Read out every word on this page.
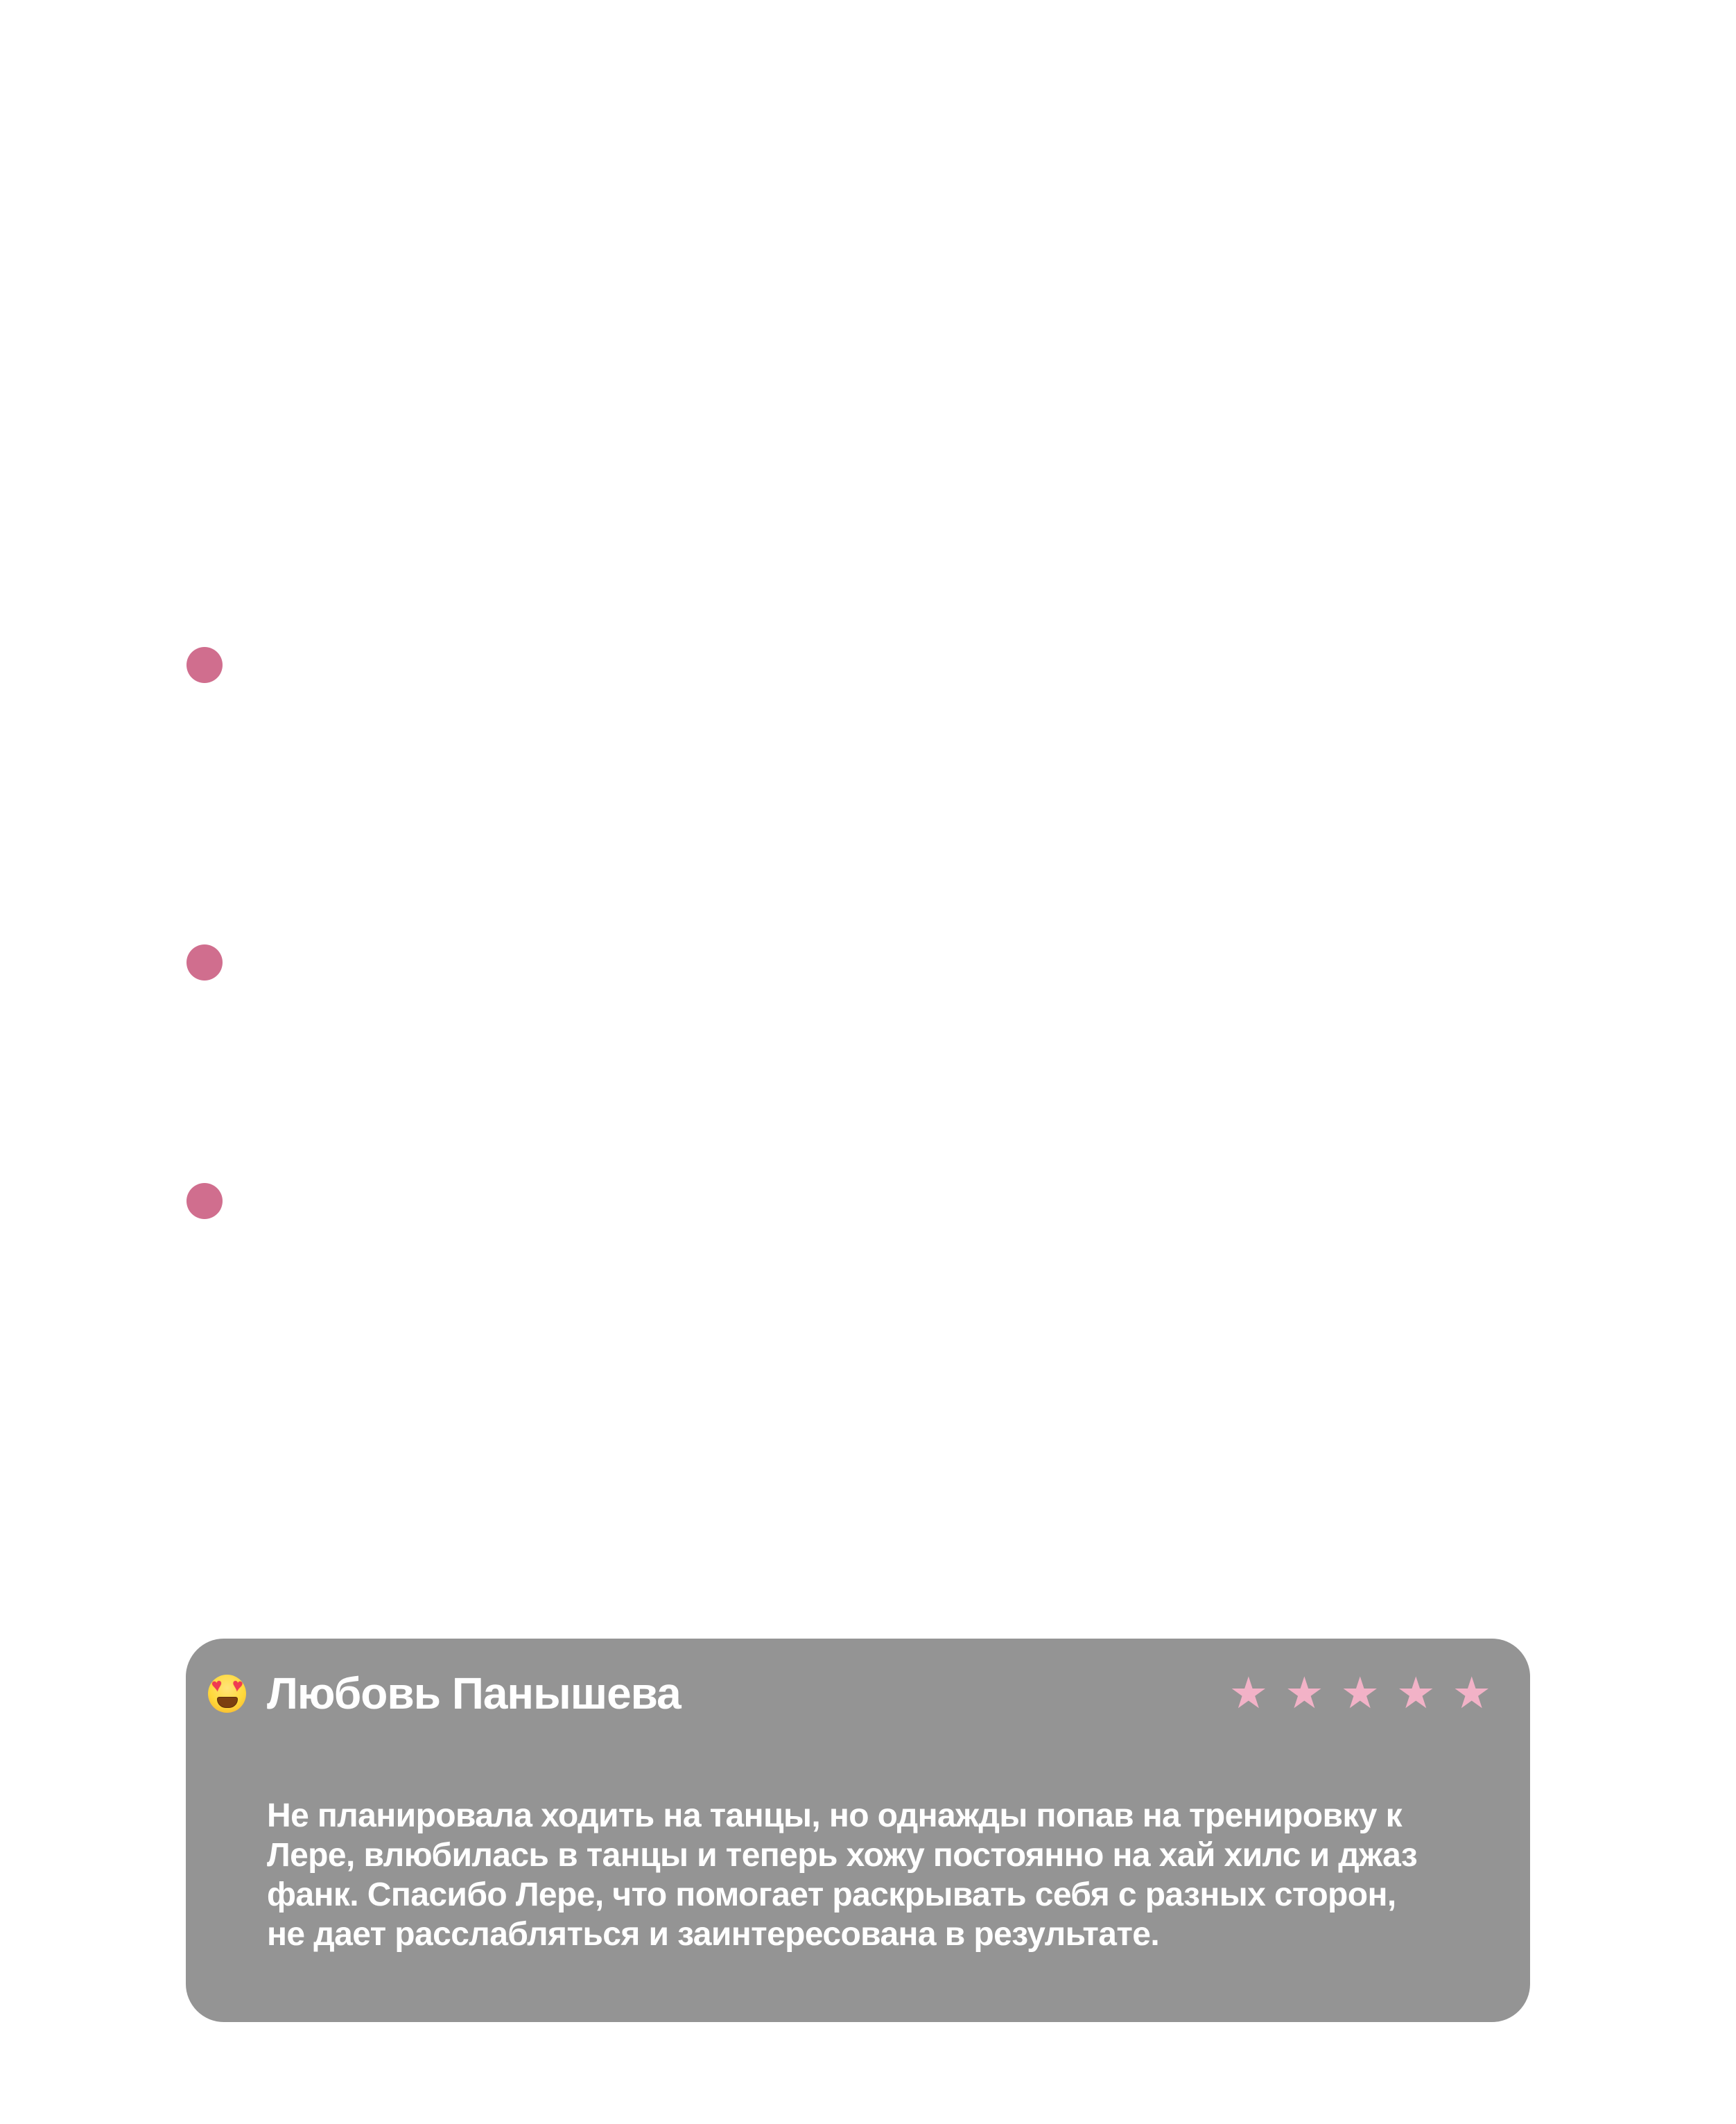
♥ ♥ Любовь Панышева	★★★★★
Не планировала ходить на танцы, но однажды попав на тренировку к
Лере, влюбилась в танцы и теперь хожу постоянно на хай хилс и джаз
фанк. Спасибо Лере, что помогает раскрывать себя с разных сторон,
не дает расслабляться и заинтересована в результате.
